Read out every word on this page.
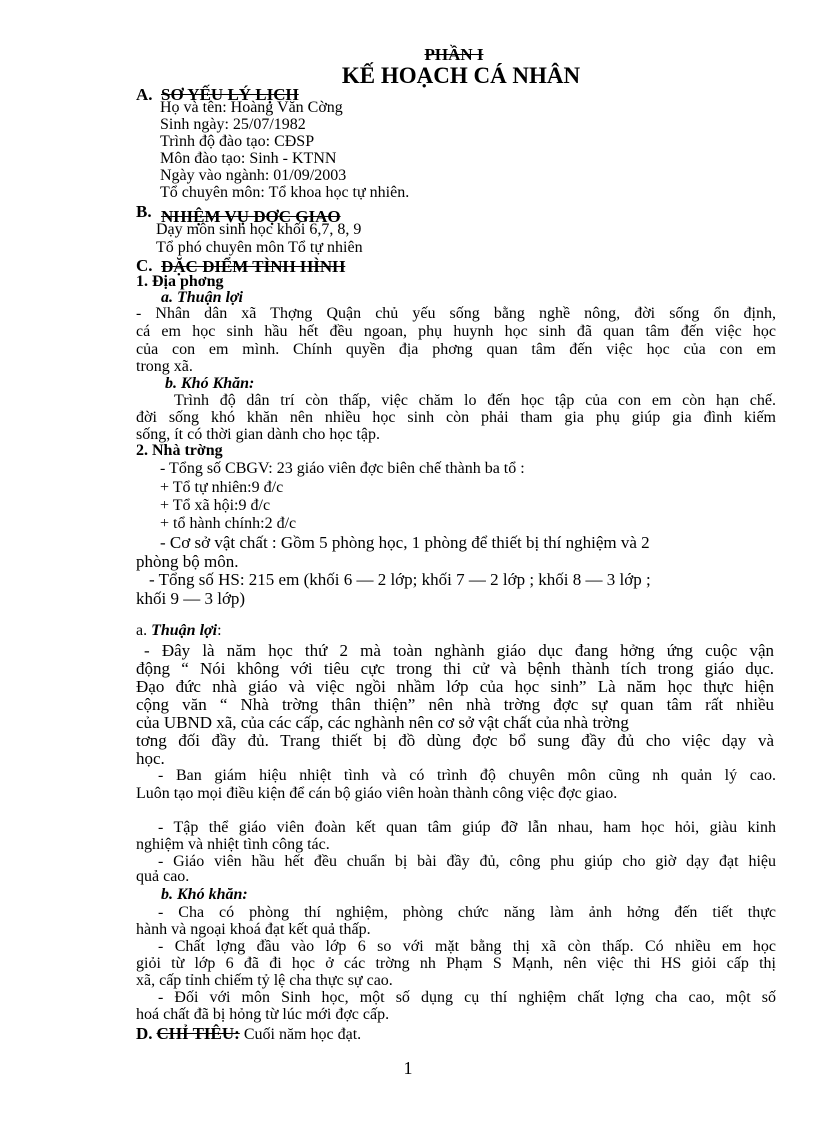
PHẦN I
KẾ HOẠCH CÁ NHÂN
A. SƠ YẾU LÝ LỊCH
Họ và tên: Hoàng Văn Cờng
Sinh ngày: 25/07/1982
Trình độ đào tạo: CĐSP
Môn đào tạo: Sinh - KTNN
Ngày vào ngành: 01/09/2003
Tổ chuyên môn: Tổ khoa học tự nhiên.
B. NHIỆM VỤ ĐỢC GIAO
Dạy môn sinh học khối 6,7, 8, 9
Tổ phó chuyên môn Tổ tự nhiên
C. ĐẶC ĐIỂM TÌNH HÌNH
1. Địa phơng
a. Thuận lợi
- Nhân dân xã Thợng Quận chủ yếu sống bằng nghề nông, đời sống ổn định,
cá em học sinh hầu hết đều ngoan, phụ huynh học sinh đã quan tâm đến việc học
của con em mình. Chính quyền địa phơng quan tâm đến việc học của con em
trong xã.
b. Khó Khăn:
Trình độ dân trí còn thấp, việc chăm lo đến học tập của con em còn hạn chế.
đời sống khó khăn nên nhiều học sinh còn phải tham gia phụ giúp gia đình kiếm
sống, ít có thời gian dành cho học tập.
2. Nhà trờng
- Tổng số CBGV: 23 giáo viên đợc biên chế thành ba tổ :
+ Tổ tự nhiên:9 đ/c
+ Tổ xã hội:9 đ/c
+ tổ hành chính:2 đ/c
- Cơ sở vật chất : Gồm 5 phòng học, 1 phòng để thiết bị thí nghiệm và 2
phòng bộ môn.
- Tổng số HS: 215 em (khối 6 — 2 lớp; khối 7 — 2 lớp ; khối 8 — 3 lớp ;
khối 9 — 3 lớp)
a. Thuận lợi:
- Đây là năm học thứ 2 mà toàn nghành giáo dục đang hởng ứng cuộc vận
động “ Nói không với tiêu cực trong thi cử và bệnh thành tích trong giáo dục.
Đạo đức nhà giáo và việc ngồi nhầm lớp của học sinh” Là năm học thực hiện
cộng văn “ Nhà trờng thân thiện” nên nhà trờng đợc sự quan tâm rất nhiều
của UBND xã, của các cấp, các nghành nên cơ sở vật chất của nhà trờng
tơng đối đầy đủ. Trang thiết bị đồ dùng đợc bổ sung đầy đủ cho việc dạy và
học.
- Ban giám hiệu nhiệt tình và có trình độ chuyên môn cũng nh quản lý cao.
Luôn tạo mọi điều kiện để cán bộ giáo viên hoàn thành công việc đợc giao.
- Tập thể giáo viên đoàn kết quan tâm giúp đỡ lẫn nhau, ham học hỏi, giàu kinh
nghiệm và nhiệt tình công tác.
- Giáo viên hầu hết đều chuẩn bị bài đầy đủ, công phu giúp cho giờ dạy đạt hiệu
quả cao.
b. Khó khăn:
- Cha có phòng thí nghiệm, phòng chức năng làm ảnh hởng đến tiết thực
hành và ngoại khoá đạt kết quả thấp.
- Chất lợng đầu vào lớp 6 so với mặt bằng thị xã còn thấp. Có nhiều em học
giỏi từ lớp 6 đã đi học ở các trờng nh Phạm S Mạnh, nên việc thi HS giỏi cấp thị
xã, cấp tỉnh chiếm tỷ lệ cha thực sự cao.
- Đối với môn Sinh học, một số dụng cụ thí nghiệm chất lợng cha cao, một số
hoá chất đã bị hỏng từ lúc mới đợc cấp.
D. CHỈ TIÊU: Cuối năm học đạt.
1
